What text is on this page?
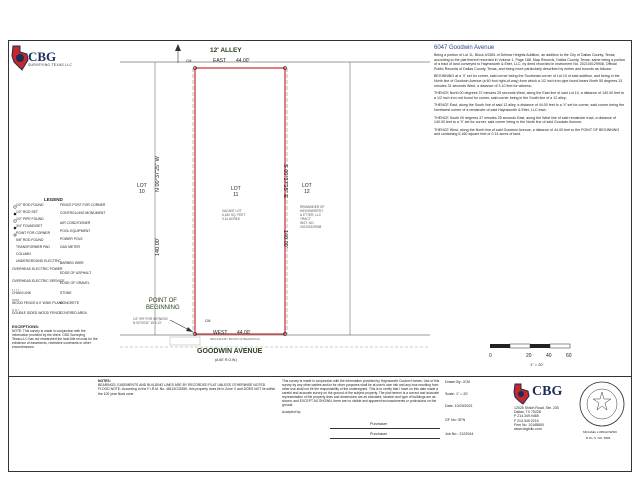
CBG
SURVEYING TEXAS LLC
12' ALLEY
EAST 44.00'
CM
N 00°37'25" W
140.00'
S 00°37'25" E
140.00'
LOT
10	LOT
11
LOT
12
VACANT LOT
6,160 SQ. FEET
0.14 ACRES
REMAINDER OF
HAYNSWORTH
& ETTER, LLC
TRACT
INST. NO.
202100129908
POINT OF
BEGINNING
1/2" IRF FOR WITNESS
N 00°03'31" W 3.13'
WEST 44.00'
(BOUNDARY BASIS OF BEARINGS)
GOODWIN AVENUE
(A 60' R.O.W.)
CM
LEGEND
1/2" ROD FOUND
1/2" ROD SET
1/2" PIPE FOUND
3/4" FOUND/SET
POINT FOR CORNER
5/8" ROD FOUND
TRANSFORMER PAD
COLUMN
UNDERGROUND ELECTRIC
OVERHEAD ELECTRIC POWER
OVERHEAD ELECTRIC SERVICE
CHAIN LINK
WOOD FENCE 6.0' WIDE PLANK
DOUBLE SIDED WOOD FENCE
FENCE POST FOR CORNER
CONTROLLING MONUMENT
AIR CONDITIONER
POOL EQUIPMENT
POWER POLE
GAS METER
BARBED WIRE
EDGE OF ASPHALT
EDGE OF GRAVEL
STONE
CONCRETE
COVERED AREA
EXCEPTIONS:
NOTE: This survey is made in conjunction with the information provided by the client. CBG Surveying Texas,LLC has not researched the land title records for the existence of easements, restrictive covenants or other encumbrances.
6047 Goodwin Avenue

Being a portion of Lot 11, Block 4/2851 of Delmar Heights Addition, an addition to the City of Dallas County, Texas, according to the plat thereof recorded in Volume 1, Page 188, Map Records, Dallas County, Texas, same being a portion of a tract of land conveyed to Haynsworth & Etter, LLC, by deed recorded in Instrument No. 202100129908, Official Public Records of Dallas County, Texas, and being more particularly described by metes and bounds as follows:

BEGINNING at a 'X' set for corner, said corner being the Southeast corner of Lot 10 of said addition, and being in the North line of Goodwin Avenue (a 60 foot right-of-way) from which a 1/2 inch iron pipe found bears North 50 degrees 13 minutes 31 seconds West, a distance of 3.10 feet for witness;

THENCE North 00 degrees 37 minutes 25 seconds West, along the East line of said Lot 10, a distance of 140.00 feet to a 1/2 inch iron rod found for corner, said corner being in the South line of a 12 alley;

THENCE East, along the South line of said 12 alley, a distance of 44.00 feet to a 'X' set for corner, said corner being the Northwest corner of a remainder of said Haynsworth & Etter, LLC tract;

THENCE South 00 degrees 37 minutes 25 seconds East, along the West line of said remainder tract, a distance of 140.00 feet to a 'X' set for corner, said corner being in the North line of said Goodwin Avenue;

THENCE West, along the North line of said Goodwin Avenue, a distance of 44.00 feet to the POINT OF BEGINNING and containing 6,160 square feet or 0.14 acres of land.

0	20	40	60
1" = 20'
NOTES:
BEARINGS, EASEMENTS AND BUILDING LINES ARE BY RECORDED PLAT UNLESS OTHERWISE NOTED.
FLOOD NOTE: According to the F.I.R.M. No. 48113C0335K, this property does lie in Zone X and DOES NOT lie within the 100 year flood zone.
This survey is made in conjunction with the information provided by Haynsworth Custom Homes. Use of this survey by any other parties and/or for other purposes shall be at user's own risk and any loss resulting from other use shall not be the responsibility of the undersigned. This is to certify that I have on this date made a careful and accurate survey on the ground of the subject property. The plat hereon is a correct and accurate representation of the property lines and dimensions are as indicated; location and type of buildings are as shown; and EXCEPT AS SHOWN, there are no visible and apparent encroachments or protrusions on the ground.
Accepted by:
Purchaser
Purchaser
Drawn By: JCM
Scale: 1" = 20'
Date: 10/29/2021
GF No: GFN
Job No.: 2122044
CBG
12025 Shiloh Road, Ste. 230
Dallas, TX 75228
P 214.349.9485
F 214.349.2216
Firm No. 10168800
www.cbgtxllc.com
MICHAEL LUBCHOWSKI
R.P.L.S. NO. 6584
